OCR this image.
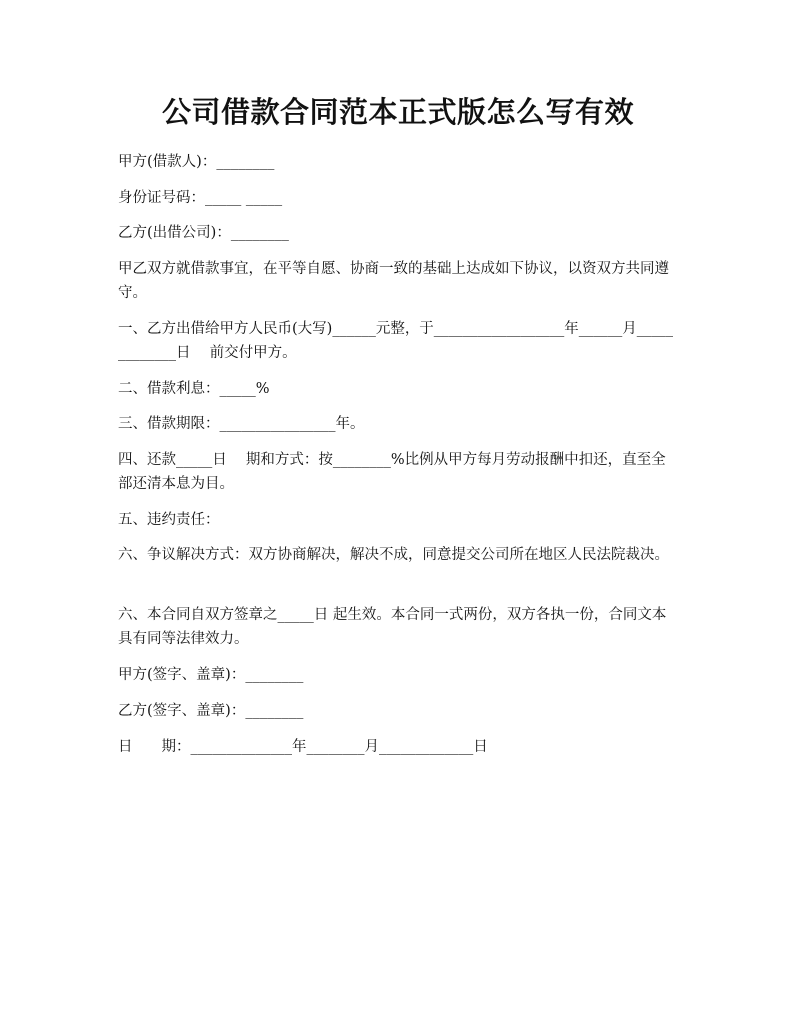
公司借款合同范本正式版怎么写有效

甲方(借款人)：________

身份证号码：_____ _____

乙方(出借公司)：________

甲乙双方就借款事宜，在平等自愿、协商一致的基础上达成如下协议，以资双方共同遵守。

一、乙方出借给甲方人民币(大写)______元整，于__________________年______月_____________日　 前交付甲方。

二、借款利息：_____%

三、借款期限：________________年。

四、还款_____日　 期和方式：按________%比例从甲方每月劳动报酬中扣还，直至全部还清本息为目。

五、违约责任：

六、争议解决方式：双方协商解决，解决不成，同意提交公司所在地区人民法院裁决。

六、本合同自双方签章之_____日 起生效。本合同一式两份，双方各执一份，合同文本具有同等法律效力。

甲方(签字、盖章)：________

乙方(签字、盖章)：________

日　　期：______________年________月_____________日
